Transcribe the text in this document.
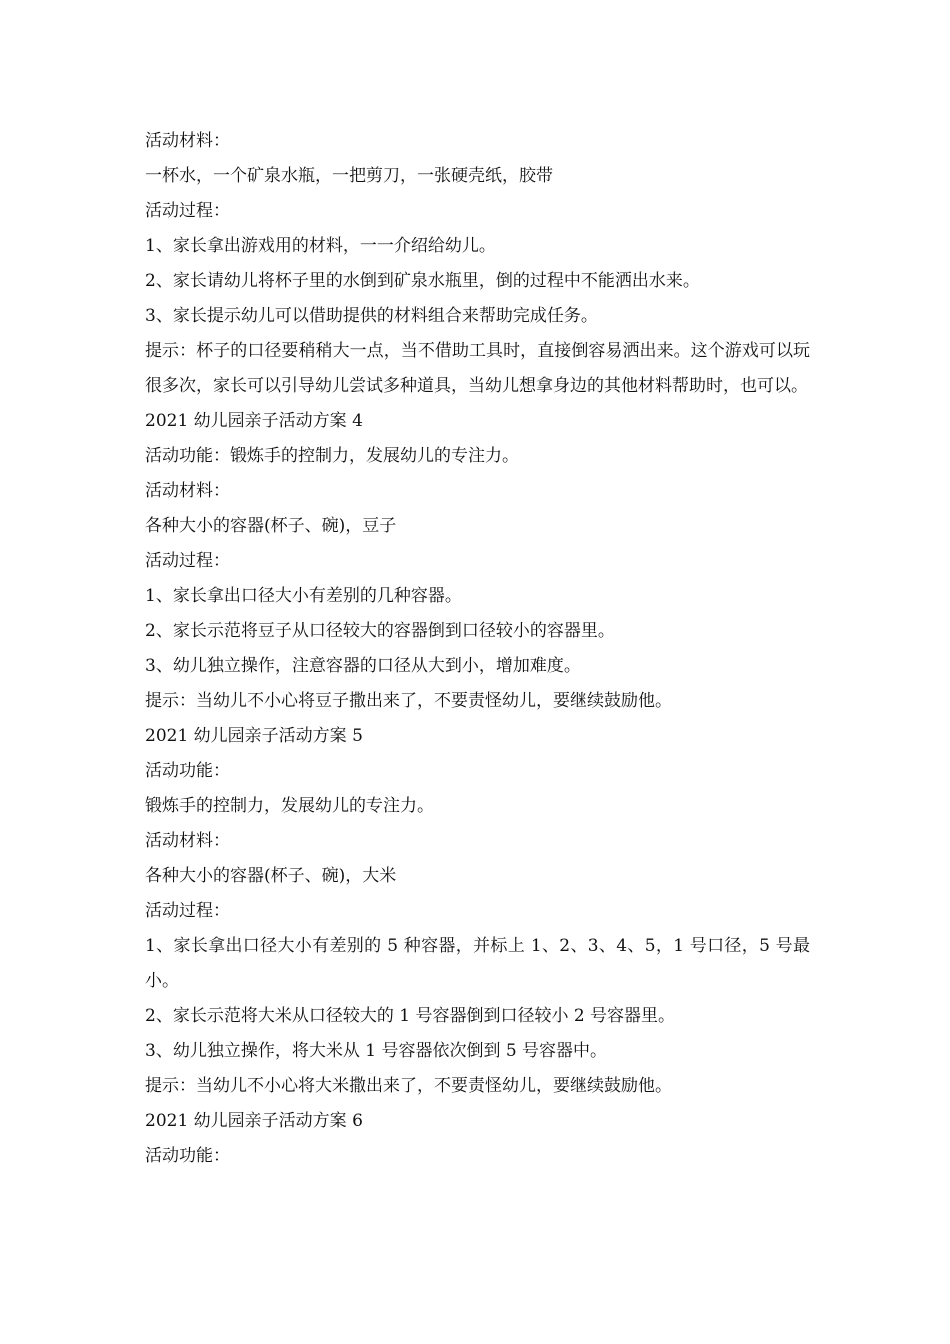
活动材料：
一杯水，一个矿泉水瓶，一把剪刀，一张硬壳纸，胶带
活动过程：
1、家长拿出游戏用的材料，一一介绍给幼儿。
2、家长请幼儿将杯子里的水倒到矿泉水瓶里，倒的过程中不能洒出水来。
3、家长提示幼儿可以借助提供的材料组合来帮助完成任务。
提示：杯子的口径要稍稍大一点，当不借助工具时，直接倒容易洒出来。这个游戏可以玩很多次，家长可以引导幼儿尝试多种道具，当幼儿想拿身边的其他材料帮助时，也可以。
2021 幼儿园亲子活动方案 4
活动功能：锻炼手的控制力，发展幼儿的专注力。
活动材料：
各种大小的容器(杯子、碗)，豆子
活动过程：
1、家长拿出口径大小有差别的几种容器。
2、家长示范将豆子从口径较大的容器倒到口径较小的容器里。
3、幼儿独立操作，注意容器的口径从大到小，增加难度。
提示：当幼儿不小心将豆子撒出来了，不要责怪幼儿，要继续鼓励他。
2021 幼儿园亲子活动方案 5
活动功能：
锻炼手的控制力，发展幼儿的专注力。
活动材料：
各种大小的容器(杯子、碗)，大米
活动过程：
1、家长拿出口径大小有差别的 5 种容器，并标上 1、2、3、4、5，1 号口径，5 号最小。
2、家长示范将大米从口径较大的 1 号容器倒到口径较小 2 号容器里。
3、幼儿独立操作，将大米从 1 号容器依次倒到 5 号容器中。
提示：当幼儿不小心将大米撒出来了，不要责怪幼儿，要继续鼓励他。
2021 幼儿园亲子活动方案 6
活动功能：
